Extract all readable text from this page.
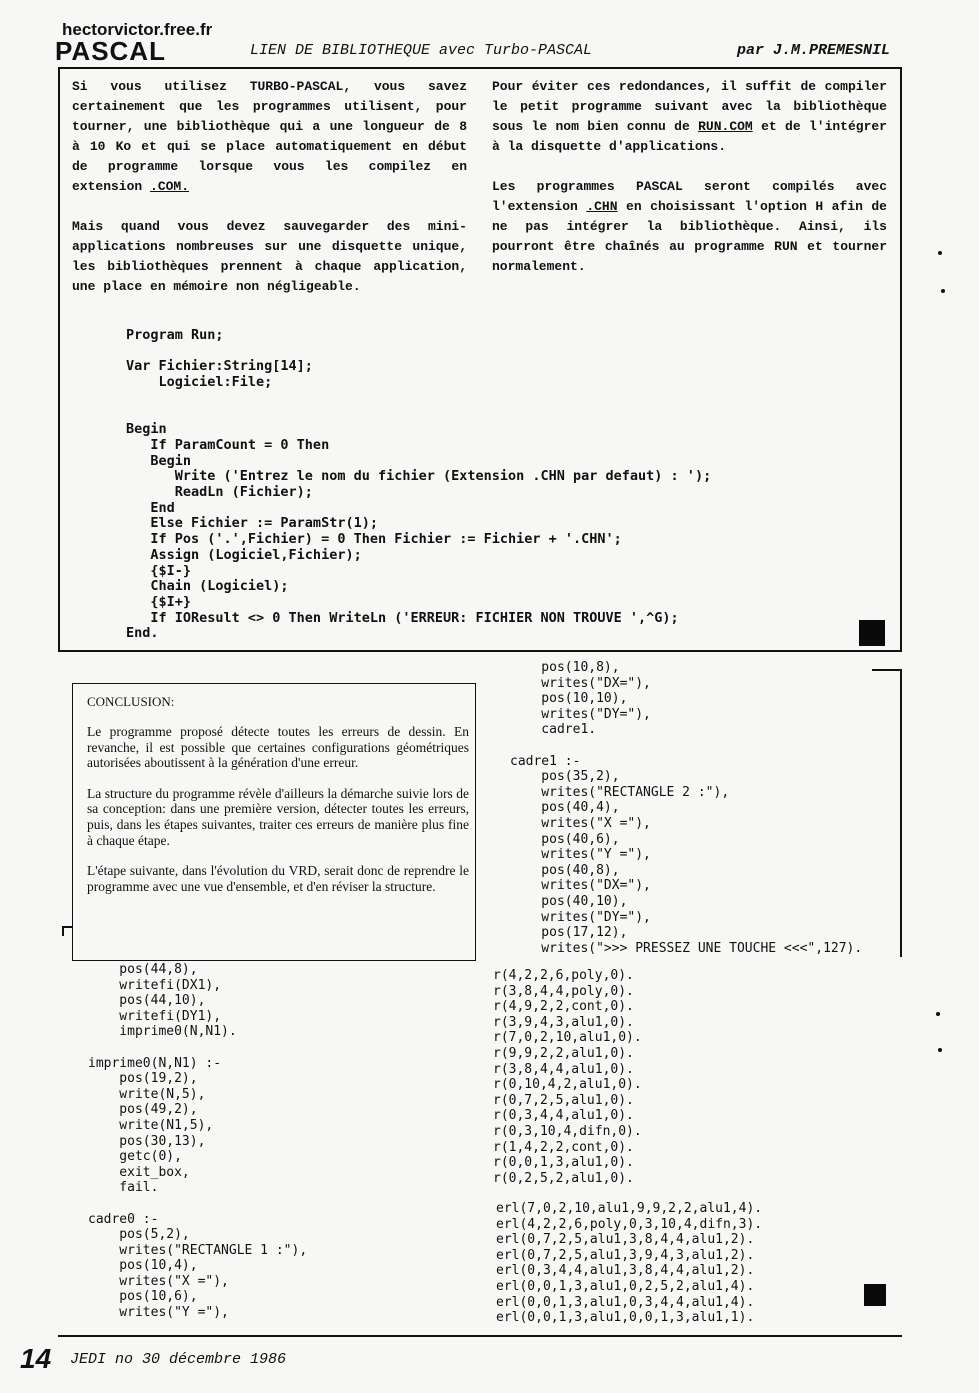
hectorvictor.free.fr
PASCAL	LIEN DE BIBLIOTHEQUE avec Turbo-PASCAL	par J.M.PREMESNIL

Si vous utilisez TURBO-PASCAL, vous savez certainement que les programmes utilisent, pour tourner, une bibliothèque qui a une longueur de 8 à 10 Ko et qui se place automatiquement en début de programme lorsque vous les compilez en extension .COM.

Mais quand vous devez sauvegarder des mini-applications nombreuses sur une disquette unique, les bibliothèques prennent à chaque application, une place en mémoire non négligeable.

Pour éviter ces redondances, il suffit de compiler le petit programme suivant avec la bibliothèque sous le nom bien connu de RUN.COM et de l'intégrer à la disquette d'applications.

Les programmes PASCAL seront compilés avec l'extension .CHN en choisissant l'option H afin de ne pas intégrer la bibliothèque. Ainsi, ils pourront être chaînés au programme RUN et tourner normalement.

Program Run;

Var Fichier:String[14];
Logiciel:File;

Begin
If ParamCount = 0 Then
Begin
Write ('Entrez le nom du fichier (Extension .CHN par defaut) : ');
ReadLn (Fichier);
End
Else Fichier := ParamStr(1);
If Pos ('.',Fichier) = 0 Then Fichier := Fichier + '.CHN';
Assign (Logiciel,Fichier);
{$I-}
Chain (Logiciel);
{$I+}
If IOResult <> 0 Then WriteLn ('ERREUR: FICHIER NON TROUVE ',^G);
End.

CONCLUSION:

Le programme proposé détecte toutes les erreurs de dessin. En revanche, il est possible que certaines configurations géométriques autorisées aboutissent à la génération d'une erreur.

La structure du programme révèle d'ailleurs la démarche suivie lors de sa conception: dans une première version, détecter toutes les erreurs, puis, dans les étapes suivantes, traiter ces erreurs de manière plus fine à chaque étape.

L'étape suivante, dans l'évolution du VRD, serait donc de reprendre le programme avec une vue d'ensemble, et d'en réviser la structure.

pos(10,8),
writes("DX="),
pos(10,10),
writes("DY="),
cadre1.

cadre1 :-
pos(35,2),
writes("RECTANGLE 2 :"),
pos(40,4),
writes("X ="),
pos(40,6),
writes("Y ="),
pos(40,8),
writes("DX="),
pos(40,10),
writes("DY="),
pos(17,12),
writes(">>> PRESSEZ UNE TOUCHE <<<",127).
pos(44,8),
writefi(DX1),
pos(44,10),
writefi(DY1),
imprime0(N,N1).

imprime0(N,N1) :-
pos(19,2),
write(N,5),
pos(49,2),
write(N1,5),
pos(30,13),
getc(0),
exit_box,
fail.

cadre0 :-
pos(5,2),
writes("RECTANGLE 1 :"),
pos(10,4),
writes("X ="),
pos(10,6),
writes("Y ="),
r(4,2,2,6,poly,0).
r(3,8,4,4,poly,0).
r(4,9,2,2,cont,0).
r(3,9,4,3,alu1,0).
r(7,0,2,10,alu1,0).
r(9,9,2,2,alu1,0).
r(3,8,4,4,alu1,0).
r(0,10,4,2,alu1,0).
r(0,7,2,5,alu1,0).
r(0,3,4,4,alu1,0).
r(0,3,10,4,difn,0).
r(1,4,2,2,cont,0).
r(0,0,1,3,alu1,0).
r(0,2,5,2,alu1,0).
erl(7,0,2,10,alu1,9,9,2,2,alu1,4).
erl(4,2,2,6,poly,0,3,10,4,difn,3).
erl(0,7,2,5,alu1,3,8,4,4,alu1,2).
erl(0,7,2,5,alu1,3,9,4,3,alu1,2).
erl(0,3,4,4,alu1,3,8,4,4,alu1,2).
erl(0,0,1,3,alu1,0,2,5,2,alu1,4).
erl(0,0,1,3,alu1,0,3,4,4,alu1,4).
erl(0,0,1,3,alu1,0,0,1,3,alu1,1).
14 JEDI no 30 décembre 1986
